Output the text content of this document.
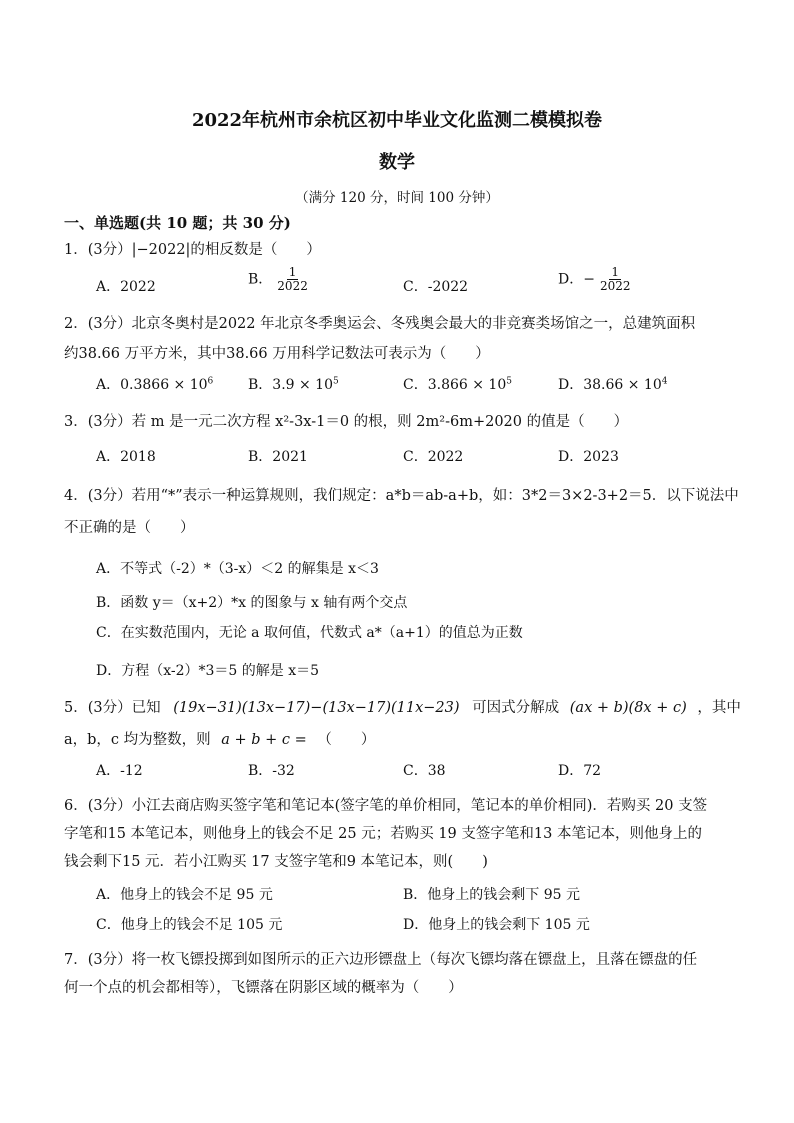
2022年杭州市余杭区初中毕业文化监测二模模拟卷
数学
（满分 120 分，时间 100 分钟）
一、单选题(共 10 题；共 30 分)
1．(3分）|−2022|的相反数是（　　）
A．2022	B． $\frac{1}{2022}$	C．-2022	D．− $\frac{1}{2022}$
2．(3分）北京冬奥村是2022 年北京冬季奥运会、冬残奥会最大的非竞赛类场馆之一，总建筑面积
约38.66 万平方米，其中38.66 万用科学记数法可表示为（　　）
A．$0.3866 \times 10^6$ B．$3.9 \times 10^5$	C．$3.866 \times 10^5$	D．$38.66 \times 10^4$
3．(3分）若 m 是一元二次方程 x²-3x-1＝0 的根，则 2m²-6m+2020 的值是（　　）
A．2018	B．2021	C．2022	D．2023
4．(3分）若用“*”表示一种运算规则，我们规定：a*b＝ab-a+b，如：3*2＝3×2-3+2＝5．以下说法中
不正确的是（　　）
A．不等式（-2）*（3-x）＜2 的解集是 x＜3
B．函数 y＝（x+2）*x 的图象与 x 轴有两个交点
C．在实数范围内，无论 a 取何值，代数式 a*（a+1）的值总为正数
D．方程（x-2）*3＝5 的解是 x＝5
5．(3分）已知 (19x−31)(13x−17)−(13x−17)(11x−23) 可因式分解成 (ax + b)(8x + c) ，其中
a，b，c 均为整数，则 a + b + c = （　　）
A．-12	B．-32	C．38	D．72
6．(3分）小江去商店购买签字笔和笔记本(签字笔的单价相同，笔记本的单价相同)．若购买 20 支签
字笔和15 本笔记本，则他身上的钱会不足 25 元；若购买 19 支签字笔和13 本笔记本，则他身上的
钱会剩下15 元．若小江购买 17 支签字笔和9 本笔记本，则(　　)
A．他身上的钱会不足 95 元	B．他身上的钱会剩下 95 元
C．他身上的钱会不足 105 元	D．他身上的钱会剩下 105 元
7．(3分）将一枚飞镖投掷到如图所示的正六边形镖盘上（每次飞镖均落在镖盘上，且落在镖盘的任
何一个点的机会都相等），飞镖落在阴影区域的概率为（　　）
